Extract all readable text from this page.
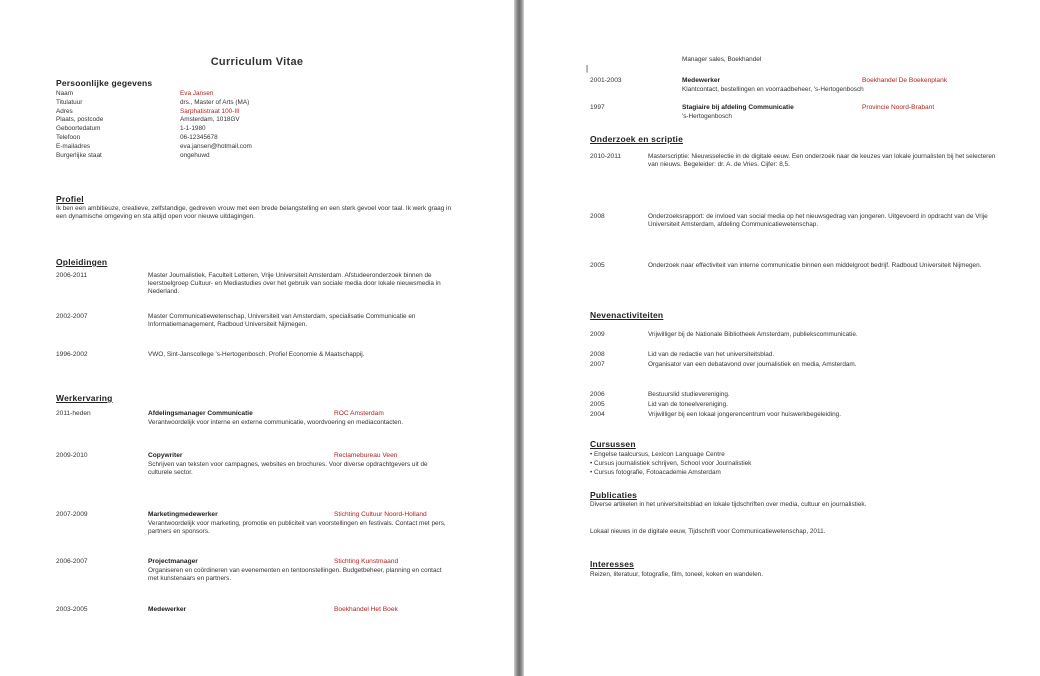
Curriculum Vitae
Persoonlijke gegevens
Naam	Eva Jansen
Titulatuur	drs., Master of Arts (MA)
Adres	Sarphatistraat 100-III
Plaats, postcode	Amsterdam, 1018GV
Geboortedatum	1-1-1980
Telefoon	06-12345678
E-mailadres	eva.jansen@hotmail.com
Burgerlijke staat	ongehuwd
Profiel
Ik ben een ambitieuze, creatieve, zelfstandige, gedreven vrouw met een brede belangstelling en een sterk gevoel voor taal. Ik werk graag in een dynamische omgeving en sta altijd open voor nieuwe uitdagingen.
Opleidingen
2006-2011	Master Journalistiek, Faculteit Letteren, Vrije Universiteit Amsterdam. Afstudeeronderzoek binnen de leerstoelgroep Cultuur- en Mediastudies over het gebruik van sociale media door lokale nieuwsmedia in Nederland.
2002-2007	Master Communicatiewetenschap, Universiteit van Amsterdam, specialisatie Communicatie en Informatiemanagement, Radboud Universiteit Nijmegen.
1996-2002	VWO, Sint-Janscollege 's-Hertogenbosch. Profiel Economie & Maatschappij.
Werkervaring
2011-heden	Afdelingsmanager Communicatie	ROC Amsterdam
Verantwoordelijk voor interne en externe communicatie, woordvoering en mediacontacten.
2009-2010	Copywriter	Reclamebureau Veen
Schrijven van teksten voor campagnes, websites en brochures. Voor diverse opdrachtgevers uit de culturele sector.
2007-2009	Marketingmedewerker	Stichting Cultuur Noord-Holland
Verantwoordelijk voor marketing, promotie en publiciteit van voorstellingen en festivals. Contact met pers, partners en sponsors.
2006-2007	Projectmanager	Stichting Kunstmaand
Organiseren en coördineren van evenementen en tentoonstellingen. Budgetbeheer, planning en contact met kunstenaars en partners.
2003-2005	Medewerker	Boekhandel Het Boek
|
Manager sales, Boekhandel
2001-2003	Medewerker	Boekhandel De Boekenplank
Klantcontact, bestellingen en voorraadbeheer, 's-Hertogenbosch
1997	Stagiaire bij afdeling Communicatie	Provincie Noord-Brabant
's-Hertogenbosch
Onderzoek en scriptie
2010-2011	Masterscriptie: Nieuwsselectie in de digitale eeuw. Een onderzoek naar de keuzes van lokale journalisten bij het selecteren van nieuws. Begeleider: dr. A. de Vries. Cijfer: 8,5.
2008	Onderzoeksrapport: de invloed van social media op het nieuwsgedrag van jongeren. Uitgevoerd in opdracht van de Vrije Universiteit Amsterdam, afdeling Communicatiewetenschap.
2005	Onderzoek naar effectiviteit van interne communicatie binnen een middelgroot bedrijf. Radboud Universiteit Nijmegen.
Nevenactiviteiten
2009	Vrijwilliger bij de Nationale Bibliotheek Amsterdam, publiekscommunicatie.
2008	Lid van de redactie van het universiteitsblad.
2007	Organisator van een debatavond over journalistiek en media, Amsterdam.
2006	Bestuurslid studievereniging.
2005	Lid van de toneelvereniging.
2004	Vrijwilliger bij een lokaal jongerencentrum voor huiswerkbegeleiding.
Cursussen
• Engelse taalcursus, Lexicon Language Centre
• Cursus journalistiek schrijven, School voor Journalistiek
• Cursus fotografie, Fotoacademie Amsterdam
Publicaties
Diverse artikelen in het universiteitsblad en lokale tijdschriften over media, cultuur en journalistiek.
Lokaal nieuws in de digitale eeuw, Tijdschrift voor Communicatiewetenschap, 2011.
Interesses
Reizen, literatuur, fotografie, film, toneel, koken en wandelen.
